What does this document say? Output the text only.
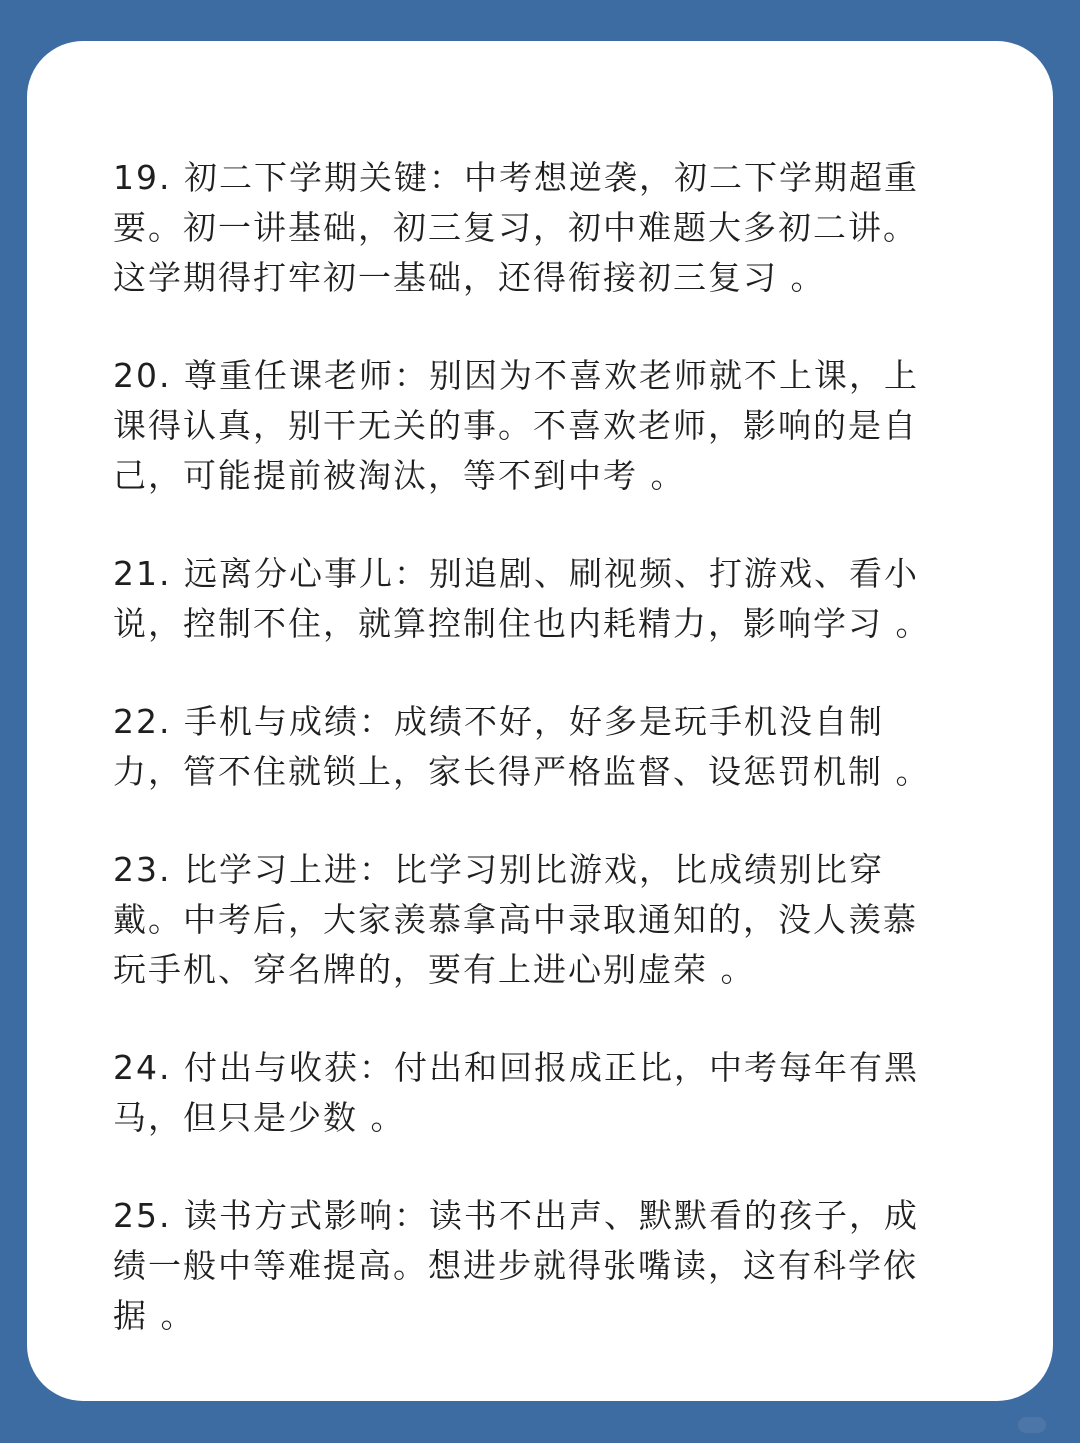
19. 初二下学期关键：中考想逆袭，初二下学期超重要。初一讲基础，初三复习，初中难题大多初二讲。这学期得打牢初一基础，还得衔接初三复习 。

20. 尊重任课老师：别因为不喜欢老师就不上课，上课得认真，别干无关的事。不喜欢老师，影响的是自己，可能提前被淘汰，等不到中考 。

21. 远离分心事儿：别追剧、刷视频、打游戏、看小说，控制不住，就算控制住也内耗精力，影响学习 。

22. 手机与成绩：成绩不好，好多是玩手机没自制力，管不住就锁上，家长得严格监督、设惩罚机制 。

23. 比学习上进：比学习别比游戏，比成绩别比穿戴。中考后，大家羡慕拿高中录取通知的，没人羡慕玩手机、穿名牌的，要有上进心别虚荣 。

24. 付出与收获：付出和回报成正比，中考每年有黑马，但只是少数 。

25. 读书方式影响：读书不出声、默默看的孩子，成绩一般中等难提高。想进步就得张嘴读，这有科学依据 。
